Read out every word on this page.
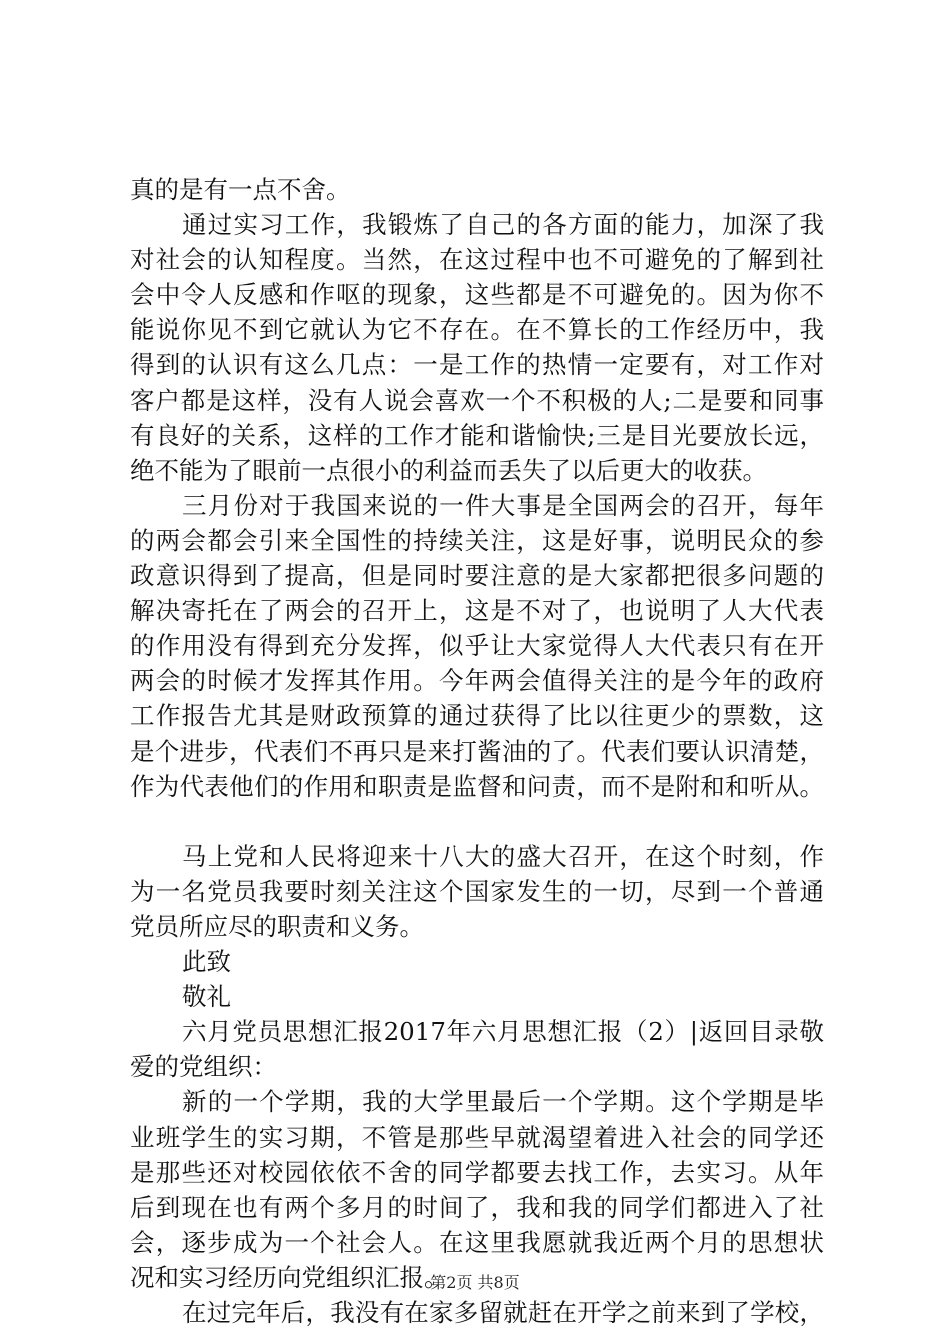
真的是有一点不舍。
通过实习工作，我锻炼了自己的各方面的能力，加深了我
对社会的认知程度。当然，在这过程中也不可避免的了解到社
会中令人反感和作呕的现象，这些都是不可避免的。因为你不
能说你见不到它就认为它不存在。在不算长的工作经历中，我
得到的认识有这么几点：一是工作的热情一定要有，对工作对
客户都是这样，没有人说会喜欢一个不积极的人;二是要和同事
有良好的关系，这样的工作才能和谐愉快;三是目光要放长远，
绝不能为了眼前一点很小的利益而丢失了以后更大的收获。
三月份对于我国来说的一件大事是全国两会的召开，每年
的两会都会引来全国性的持续关注，这是好事，说明民众的参
政意识得到了提高，但是同时要注意的是大家都把很多问题的
解决寄托在了两会的召开上，这是不对了，也说明了人大代表
的作用没有得到充分发挥，似乎让大家觉得人大代表只有在开
两会的时候才发挥其作用。今年两会值得关注的是今年的政府
工作报告尤其是财政预算的通过获得了比以往更少的票数，这
是个进步，代表们不再只是来打酱油的了。代表们要认识清楚，
作为代表他们的作用和职责是监督和问责，而不是附和和听从。
马上党和人民将迎来十八大的盛大召开，在这个时刻，作
为一名党员我要时刻关注这个国家发生的一切，尽到一个普通
党员所应尽的职责和义务。
此致
敬礼
六月党员思想汇报2017年六月思想汇报（2）|返回目录敬
爱的党组织：
新的一个学期，我的大学里最后一个学期。这个学期是毕
业班学生的实习期，不管是那些早就渴望着进入社会的同学还
是那些还对校园依依不舍的同学都要去找工作，去实习。从年
后到现在也有两个多月的时间了，我和我的同学们都进入了社
会，逐步成为一个社会人。在这里我愿就我近两个月的思想状
况和实习经历向党组织汇报。
在过完年后，我没有在家多留就赶在开学之前来到了学校，
第2页 共8页
